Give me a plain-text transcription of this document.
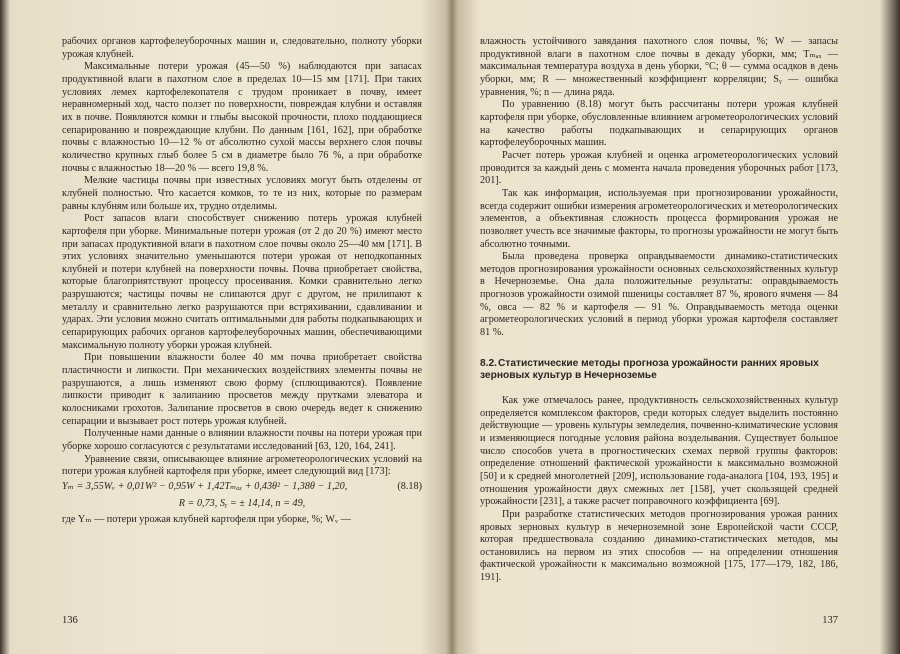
рабочих органов картофелеуборочных машин и, следовательно, полноту уборки урожая клубней.

Максимальные потери урожая (45—50 %) наблюдаются при запасах продуктивной влаги в пахотном слое в пределах 10—15 мм [171]. При таких условиях лемех картофелекопателя с трудом проникает в почву, имеет неравномерный ход, часто ползет по поверхности, повреждая клубни и оставляя их в почве. Появляются комки и глыбы высокой прочности, плохо поддающиеся сепарированию и повреждающие клубни. По данным [161, 162], при обработке почвы с влажностью 10—12 % от абсолютно сухой массы верхнего слоя почвы количество крупных глыб более 5 см в диаметре было 76 %, а при обработке почвы с влажностью 18—20 % — всего 19,8 %.

Мелкие частицы почвы при известных условиях могут быть отделены от клубней полностью. Что касается комков, то те из них, которые по размерам равны клубням или больше их, трудно отделимы.

Рост запасов влаги способствует снижению потерь урожая клубней картофеля при уборке. Минимальные потери урожая (от 2 до 20 %) имеют место при запасах продуктивной влаги в пахотном слое почвы около 25—40 мм [171]. В этих условиях значительно уменьшаются потери урожая от неподкопанных клубней и потери клубней на поверхности почвы. Почва приобретает свойства, которые благоприятствуют процессу просеивания. Комки сравнительно легко разрушаются; частицы почвы не слипаются друг с другом, не прилипают к металлу и сравнительно легко разрушаются при встряхивании, сдавливании и ударах. Эти условия можно считать оптимальными для работы подкапывающих и сепарирующих рабочих органов картофелеуборочных машин, обеспечивающими максимальную полноту уборки урожая клубней.

При повышении влажности более 40 мм почва приобретает свойства пластичности и липкости. При механических воздействиях элементы почвы не разрушаются, а лишь изменяют свою форму (сплющиваются). Появление липкости приводит к залипанию просветов между прутками элеватора и колосниками грохотов. Залипание просветов в свою очередь ведет к снижению сепарации и вызывает рост потерь урожая клубней.

Полученные нами данные о влиянии влажности почвы на потери урожая при уборке хорошо согласуются с результатами исследований [63, 120, 164, 241].

Уравнение связи, описывающее влияние агрометеорологических условий на потери урожая клубней картофеля при уборке, имеет следующий вид [173]:

Yₘ = 3,55Wᵥ + 0,01W² − 0,95W + 1,42Tₘₐₓ + 0,43θ² − 1,38θ − 1,20,	(8.18)
R = 0,73, Sᵧ = ± 14,14, n = 49,

где Yₘ — потери урожая клубней картофеля при уборке, %; Wᵥ —

136

влажность устойчивого завядания пахотного слоя почвы, %; W — запасы продуктивной влаги в пахотном слое почвы в декаду уборки, мм; Tₘₐₓ — максимальная температура воздуха в день уборки, °С; θ — сумма осадков в день уборки, мм; R — множественный коэффициент корреляции; Sᵧ — ошибка уравнения, %; n — длина ряда.

По уравнению (8.18) могут быть рассчитаны потери урожая клубней картофеля при уборке, обусловленные влиянием агрометеорологических условий на качество работы подкапывающих и сепарирующих органов картофелеуборочных машин.

Расчет потерь урожая клубней и оценка агрометеорологических условий проводится за каждый день с момента начала проведения уборочных работ [173, 201].

Так как информация, используемая при прогнозировании урожайности, всегда содержит ошибки измерения агрометеорологических и метеорологических элементов, а объективная сложность процесса формирования урожая не позволяет учесть все значимые факторы, то прогнозы урожайности не могут быть абсолютно точными.

Была проведена проверка оправдываемости динамико-статистических методов прогнозирования урожайности основных сельскохозяйственных культур в Нечерноземье. Она дала положительные результаты: оправдываемость прогнозов урожайности озимой пшеницы составляет 87 %, ярового ячменя — 84 %, овса — 82 % и картофеля — 91 %. Оправдываемость метода оценки агрометеорологических условий в период уборки урожая картофеля составляет 81 %.

8.2.Статистические методы прогноза урожайности ранних яровых зерновых культур в Нечерноземье

Как уже отмечалось ранее, продуктивность сельскохозяйственных культур определяется комплексом факторов, среди которых следует выделить постоянно действующие — уровень культуры земледелия, почвенно-климатические условия и изменяющиеся погодные условия района возделывания. Существует большое число способов учета в прогностических схемах первой группы факторов: определение отношений фактической урожайности к максимально возможной [50] и к средней многолетней [209], использование года-аналога [104, 193, 195] и отношения урожайности двух смежных лет [158], учет скользящей средней урожайности [231], а также расчет поправочного коэффициента [69].

При разработке статистических методов прогнозирования урожая ранних яровых зерновых культур в нечерноземной зоне Европейской части СССР, которая предшествовала созданию динамико-статистических методов, мы остановились на первом из этих способов — на определении отношения фактической урожайности к максимально возможной [175, 177—179, 182, 186, 191].

137
